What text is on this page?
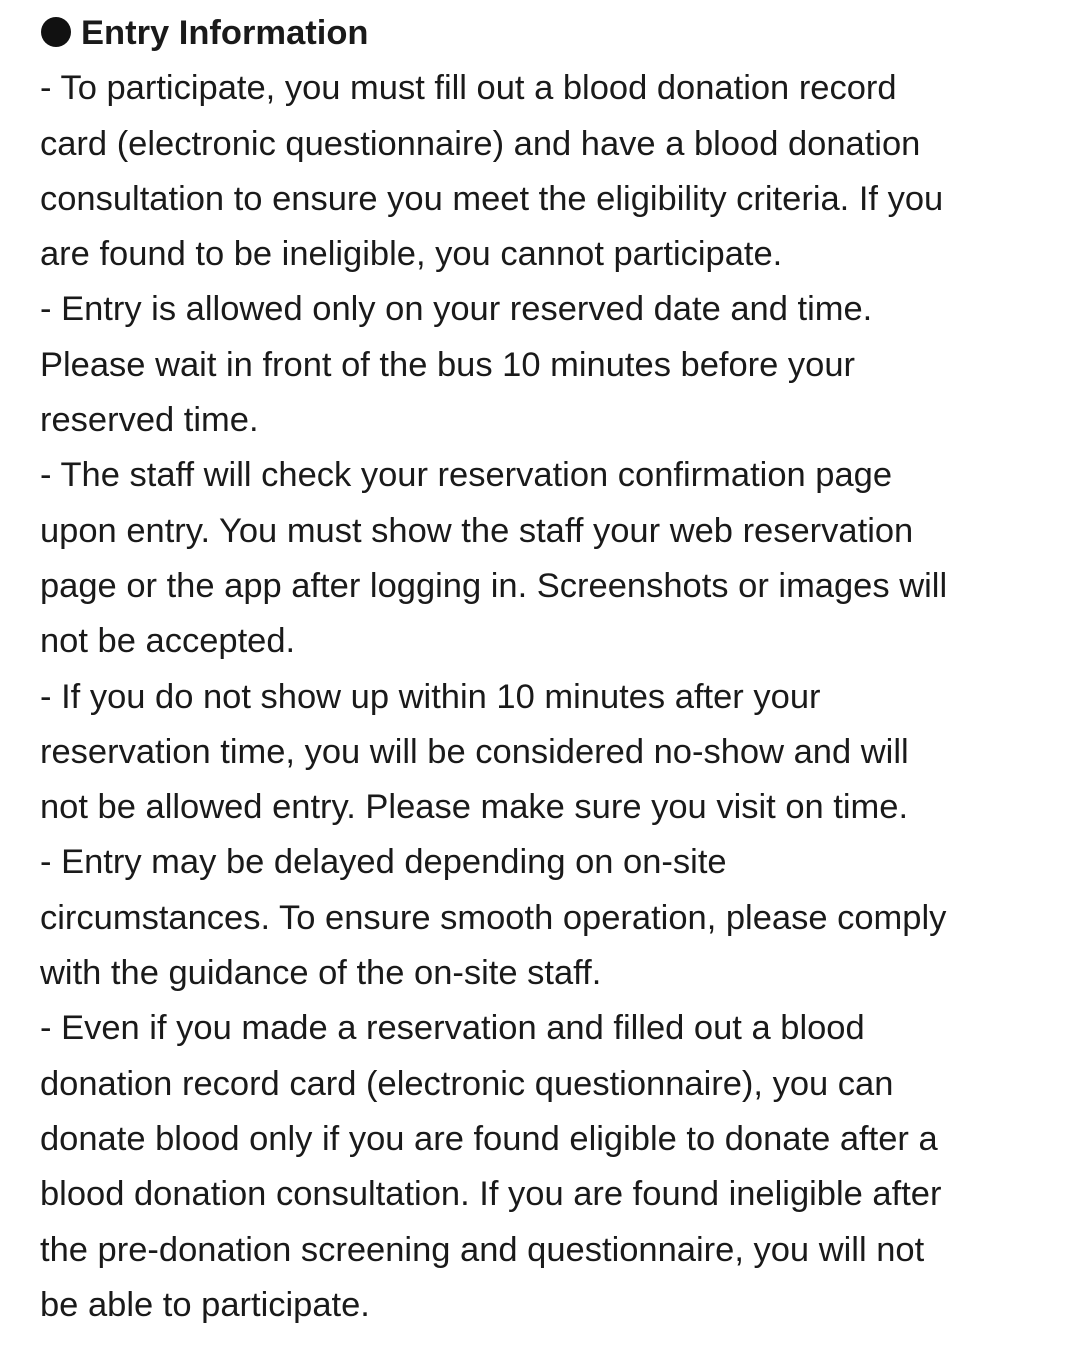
Entry Information
- To participate, you must fill out a blood donation record
card (electronic questionnaire) and have a blood donation
consultation to ensure you meet the eligibility criteria. If you
are found to be ineligible, you cannot participate.
- Entry is allowed only on your reserved date and time.
Please wait in front of the bus 10 minutes before your
reserved time.
- The staff will check your reservation confirmation page
upon entry. You must show the staff your web reservation
page or the app after logging in. Screenshots or images will
not be accepted.
- If you do not show up within 10 minutes after your
reservation time, you will be considered no-show and will
not be allowed entry. Please make sure you visit on time.
- Entry may be delayed depending on on-site
circumstances. To ensure smooth operation, please comply
with the guidance of the on-site staff.
- Even if you made a reservation and filled out a blood
donation record card (electronic questionnaire), you can
donate blood only if you are found eligible to donate after a
blood donation consultation. If you are found ineligible after
the pre-donation screening and questionnaire, you will not
be able to participate.
